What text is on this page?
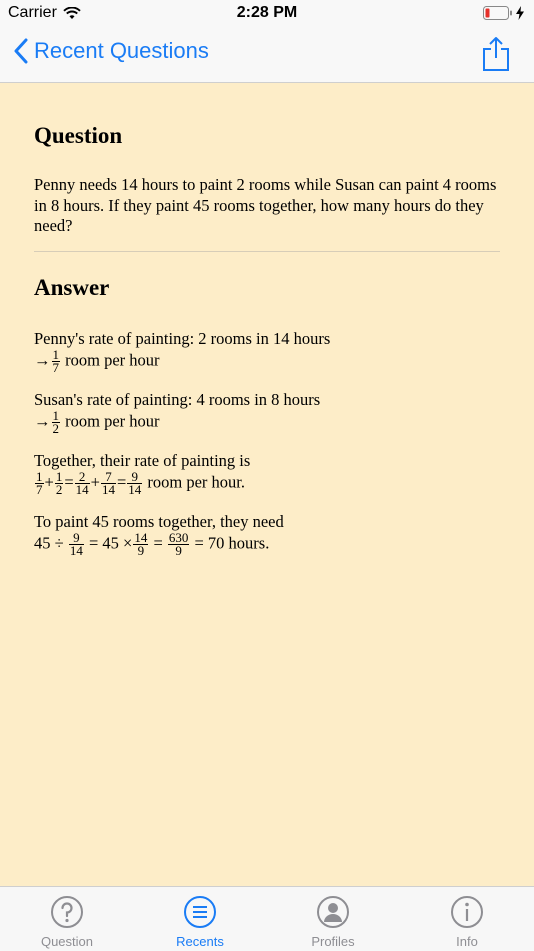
Carrier	2:28 PM
Recent Questions
Question

Penny needs 14 hours to paint 2 rooms while Susan can paint 4 rooms in 8 hours. If they paint 45 rooms together, how many hours do they need?

Answer
Penny's rate of painting: 2 rooms in 14 hours
→ $\frac{1}{7}$ room per hour
Susan's rate of painting: 4 rooms in 8 hours
→ $\frac{1}{2}$ room per hour
Together, their rate of painting is
$\frac{1}{7} + \frac{1}{2} = \frac{2}{14} + \frac{7}{14} = \frac{9}{14}$ room per hour.
To paint 45 rooms together, they need
$45 \div \frac{9}{14} = 45 \times \frac{14}{9} = \frac{630}{9} = 70$ hours.
Question	Recents	Profiles	Info
